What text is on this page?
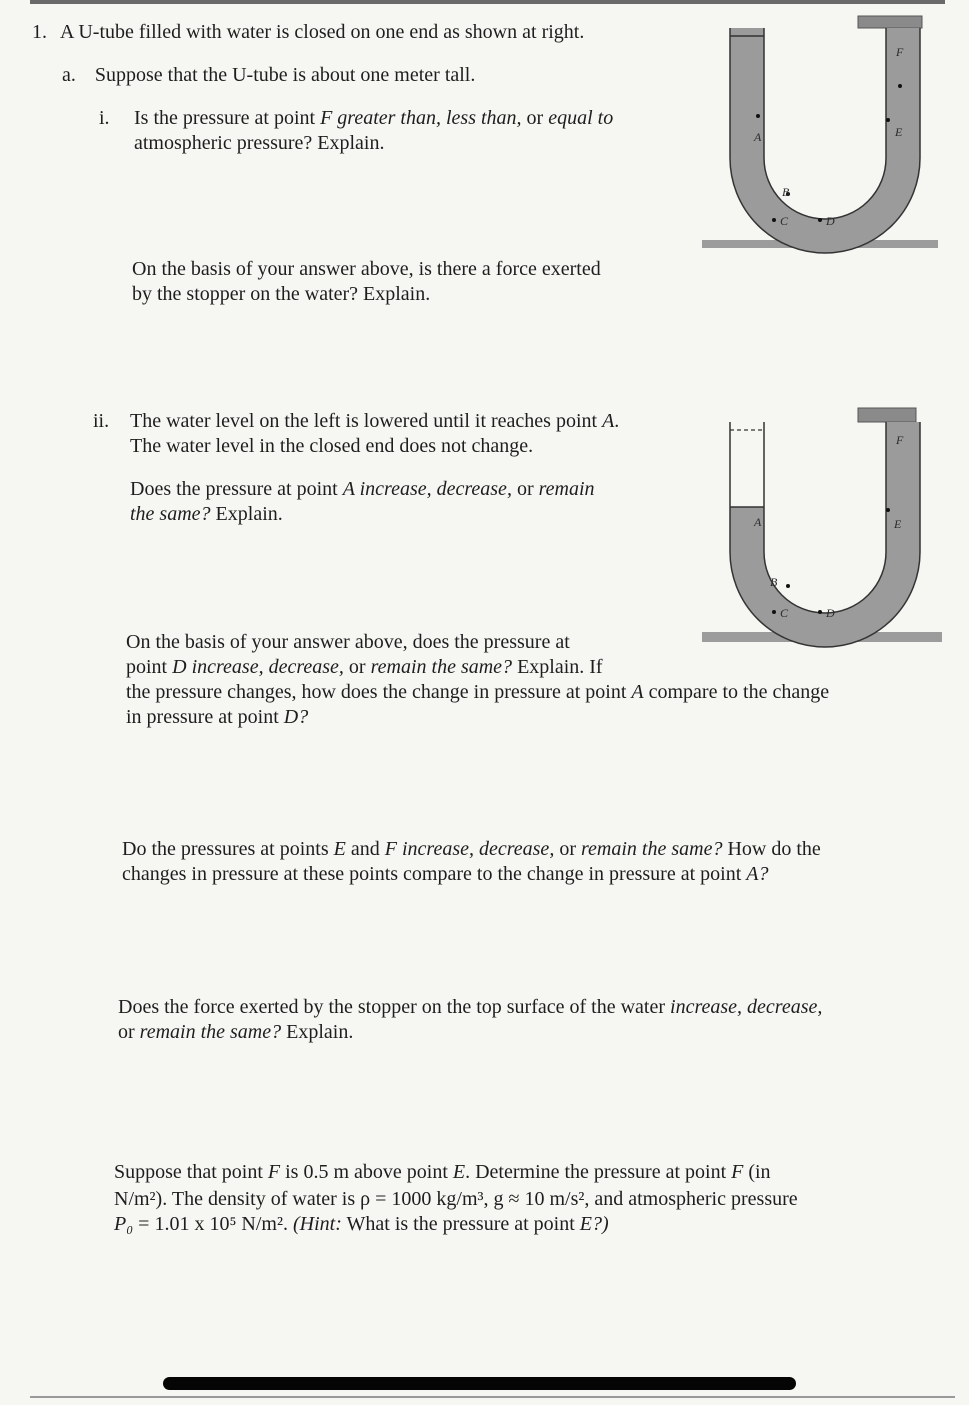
1. A U-tube filled with water is closed on one end as shown at right.
a. Suppose that the U-tube is about one meter tall.
i. Is the pressure at point F greater than, less than, or equal to
atmospheric pressure? Explain.
On the basis of your answer above, is there a force exerted
by the stopper on the water? Explain.
ii. The water level on the left is lowered until it reaches point A.
The water level in the closed end does not change.
Does the pressure at point A increase, decrease, or remain
the same? Explain.
On the basis of your answer above, does the pressure at
point D increase, decrease, or remain the same? Explain. If
the pressure changes, how does the change in pressure at point A compare to the change
in pressure at point D?
Do the pressures at points E and F increase, decrease, or remain the same? How do the
changes in pressure at these points compare to the change in pressure at point A?
Does the force exerted by the stopper on the top surface of the water increase, decrease,
or remain the same? Explain.
Suppose that point F is 0.5 m above point E. Determine the pressure at point F (in
N/m²). The density of water is ρ = 1000 kg/m³, g ≈ 10 m/s², and atmospheric pressure
P₀ = 1.01 x 10⁵ N/m². (Hint: What is the pressure at point E?)
A
B
C	D
E
F
A
B
C	D
E
F
